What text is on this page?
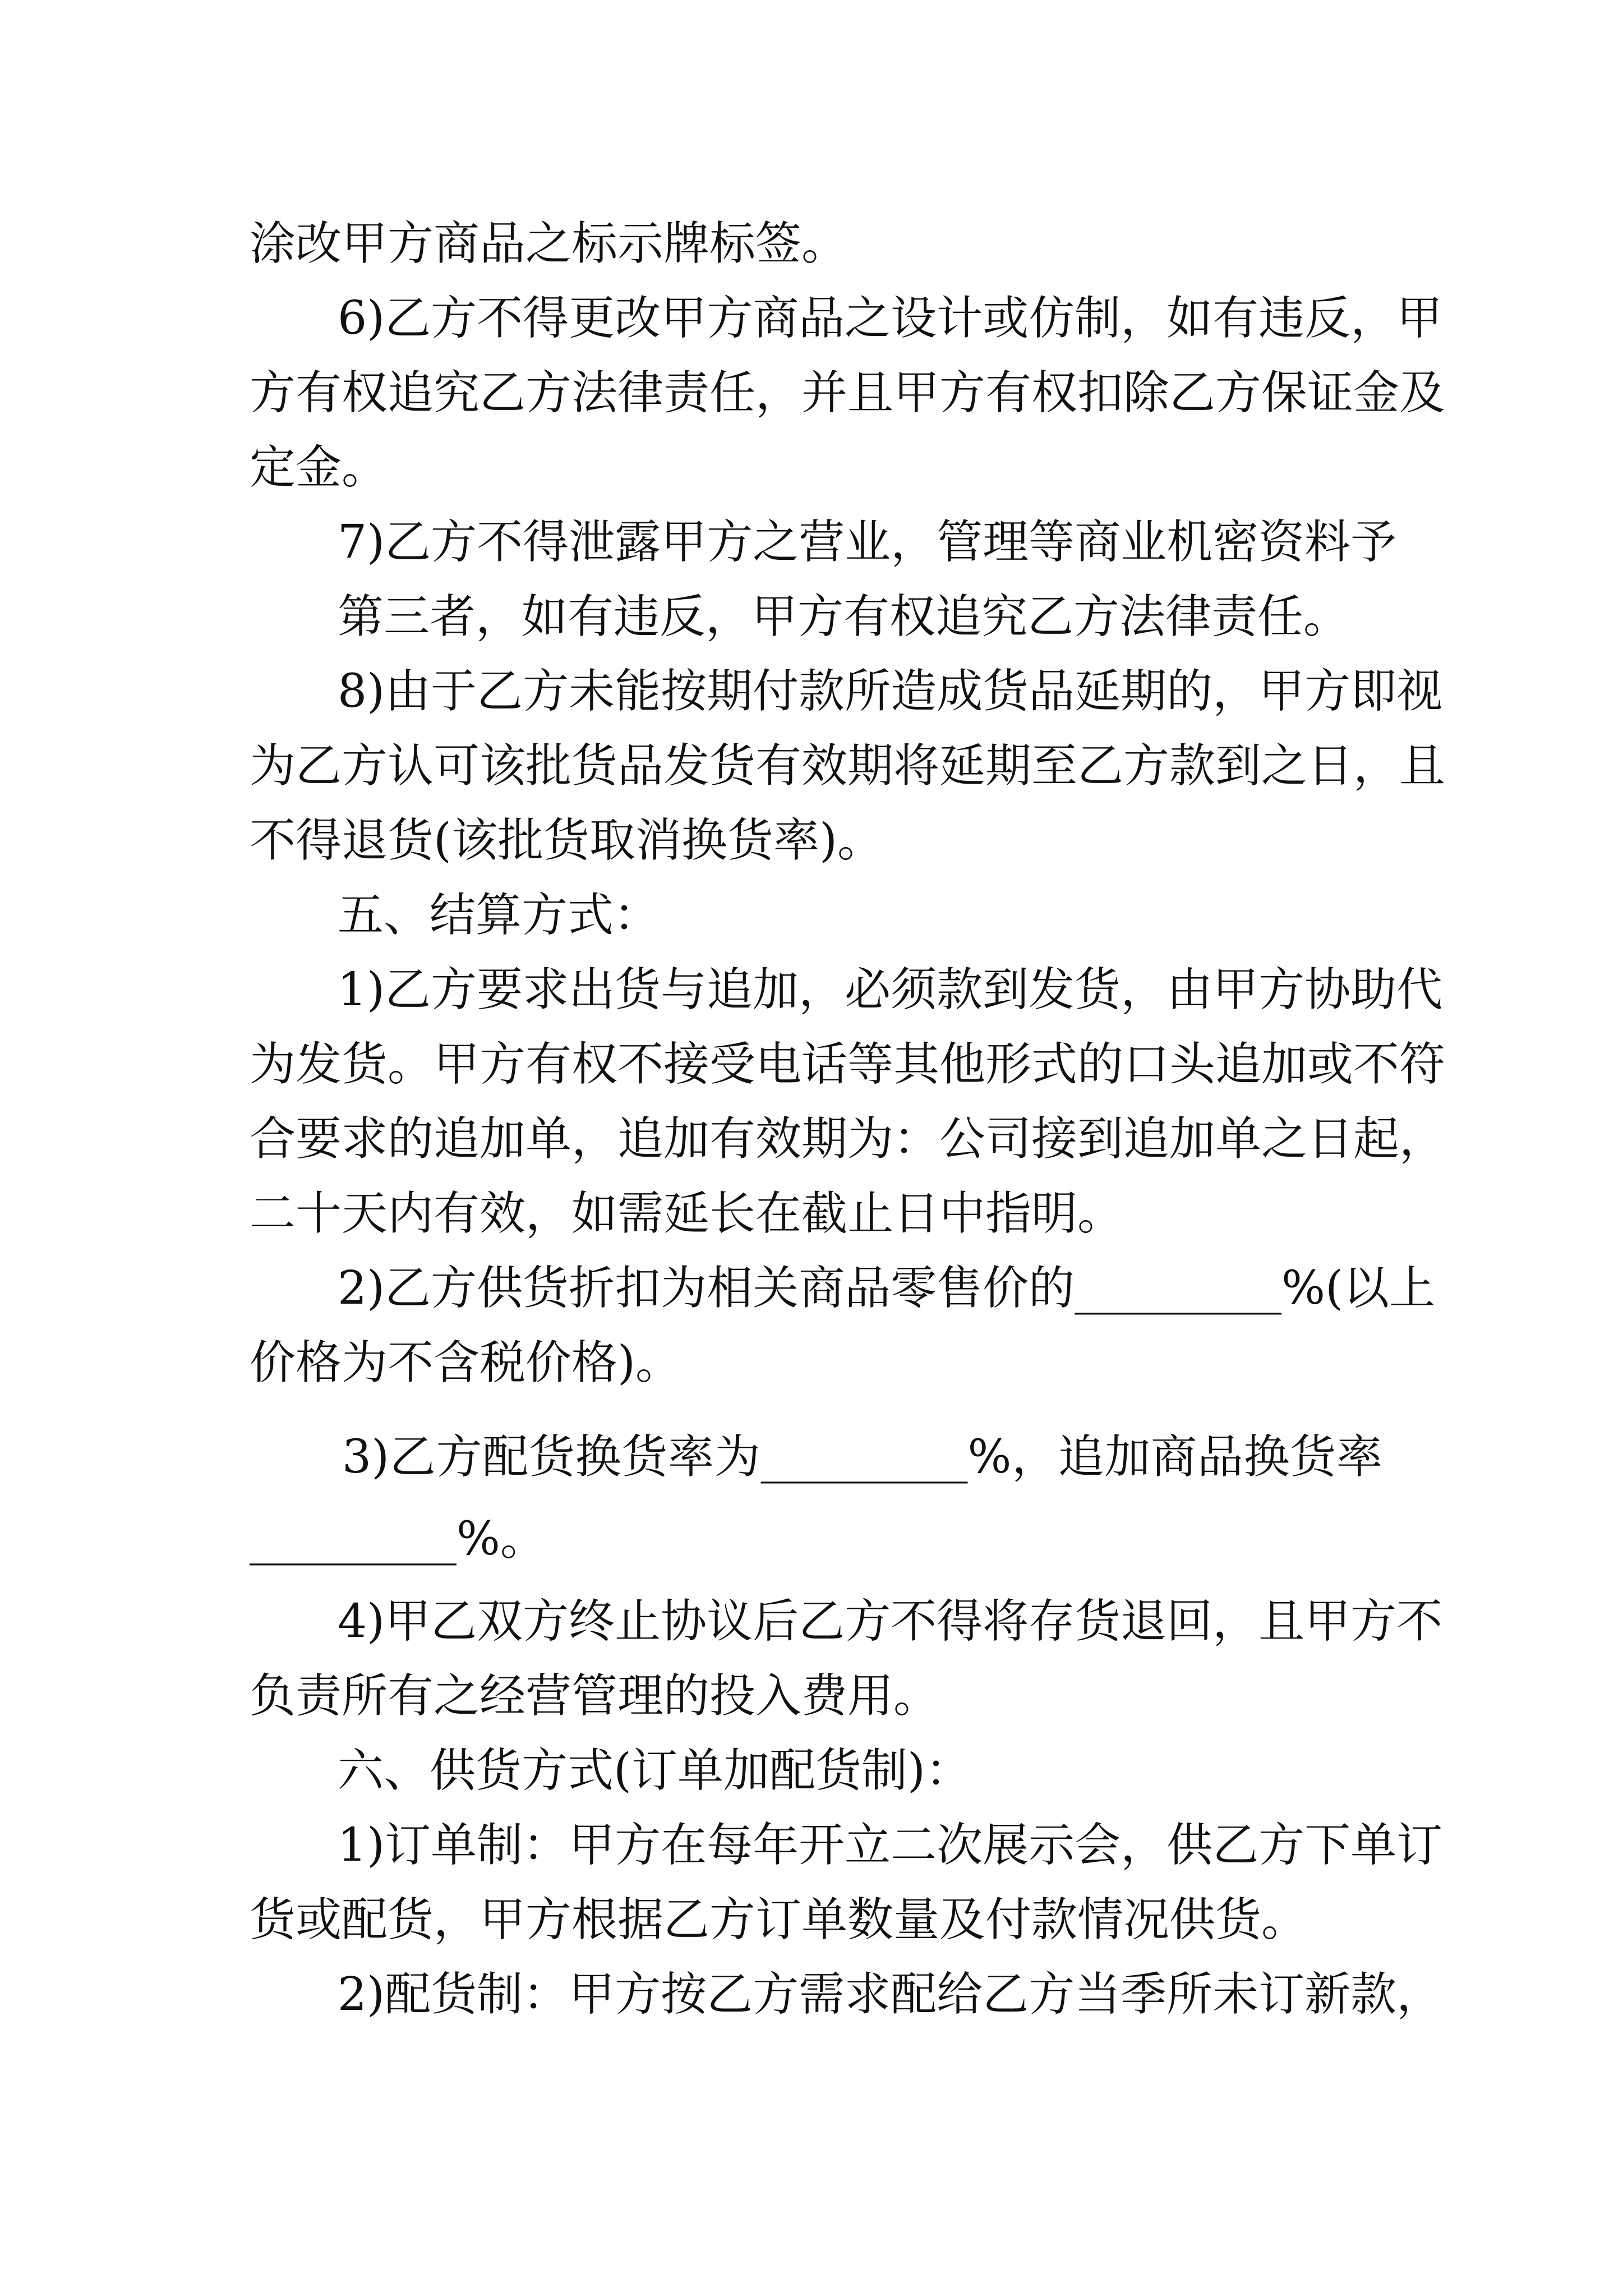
涂改甲方商品之标示牌标签。
6)乙方不得更改甲方商品之设计或仿制，如有违反，甲
方有权追究乙方法律责任，并且甲方有权扣除乙方保证金及
定金。
7)乙方不得泄露甲方之营业，管理等商业机密资料予
第三者，如有违反，甲方有权追究乙方法律责任。
8)由于乙方未能按期付款所造成货品延期的，甲方即视
为乙方认可该批货品发货有效期将延期至乙方款到之日，且
不得退货(该批货取消换货率)。
五、结算方式：
1)乙方要求出货与追加，必须款到发货，由甲方协助代
为发货。甲方有权不接受电话等其他形式的口头追加或不符
合要求的追加单，追加有效期为：公司接到追加单之日起，
二十天内有效，如需延长在截止日中指明。
2)乙方供货折扣为相关商品零售价的_________%(以上
价格为不含税价格)。
3)乙方配货换货率为_________%，追加商品换货率
_________%。
4)甲乙双方终止协议后乙方不得将存货退回，且甲方不
负责所有之经营管理的投入费用。
六、供货方式(订单加配货制)：
1)订单制：甲方在每年开立二次展示会，供乙方下单订
货或配货，甲方根据乙方订单数量及付款情况供货。
2)配货制：甲方按乙方需求配给乙方当季所未订新款，
